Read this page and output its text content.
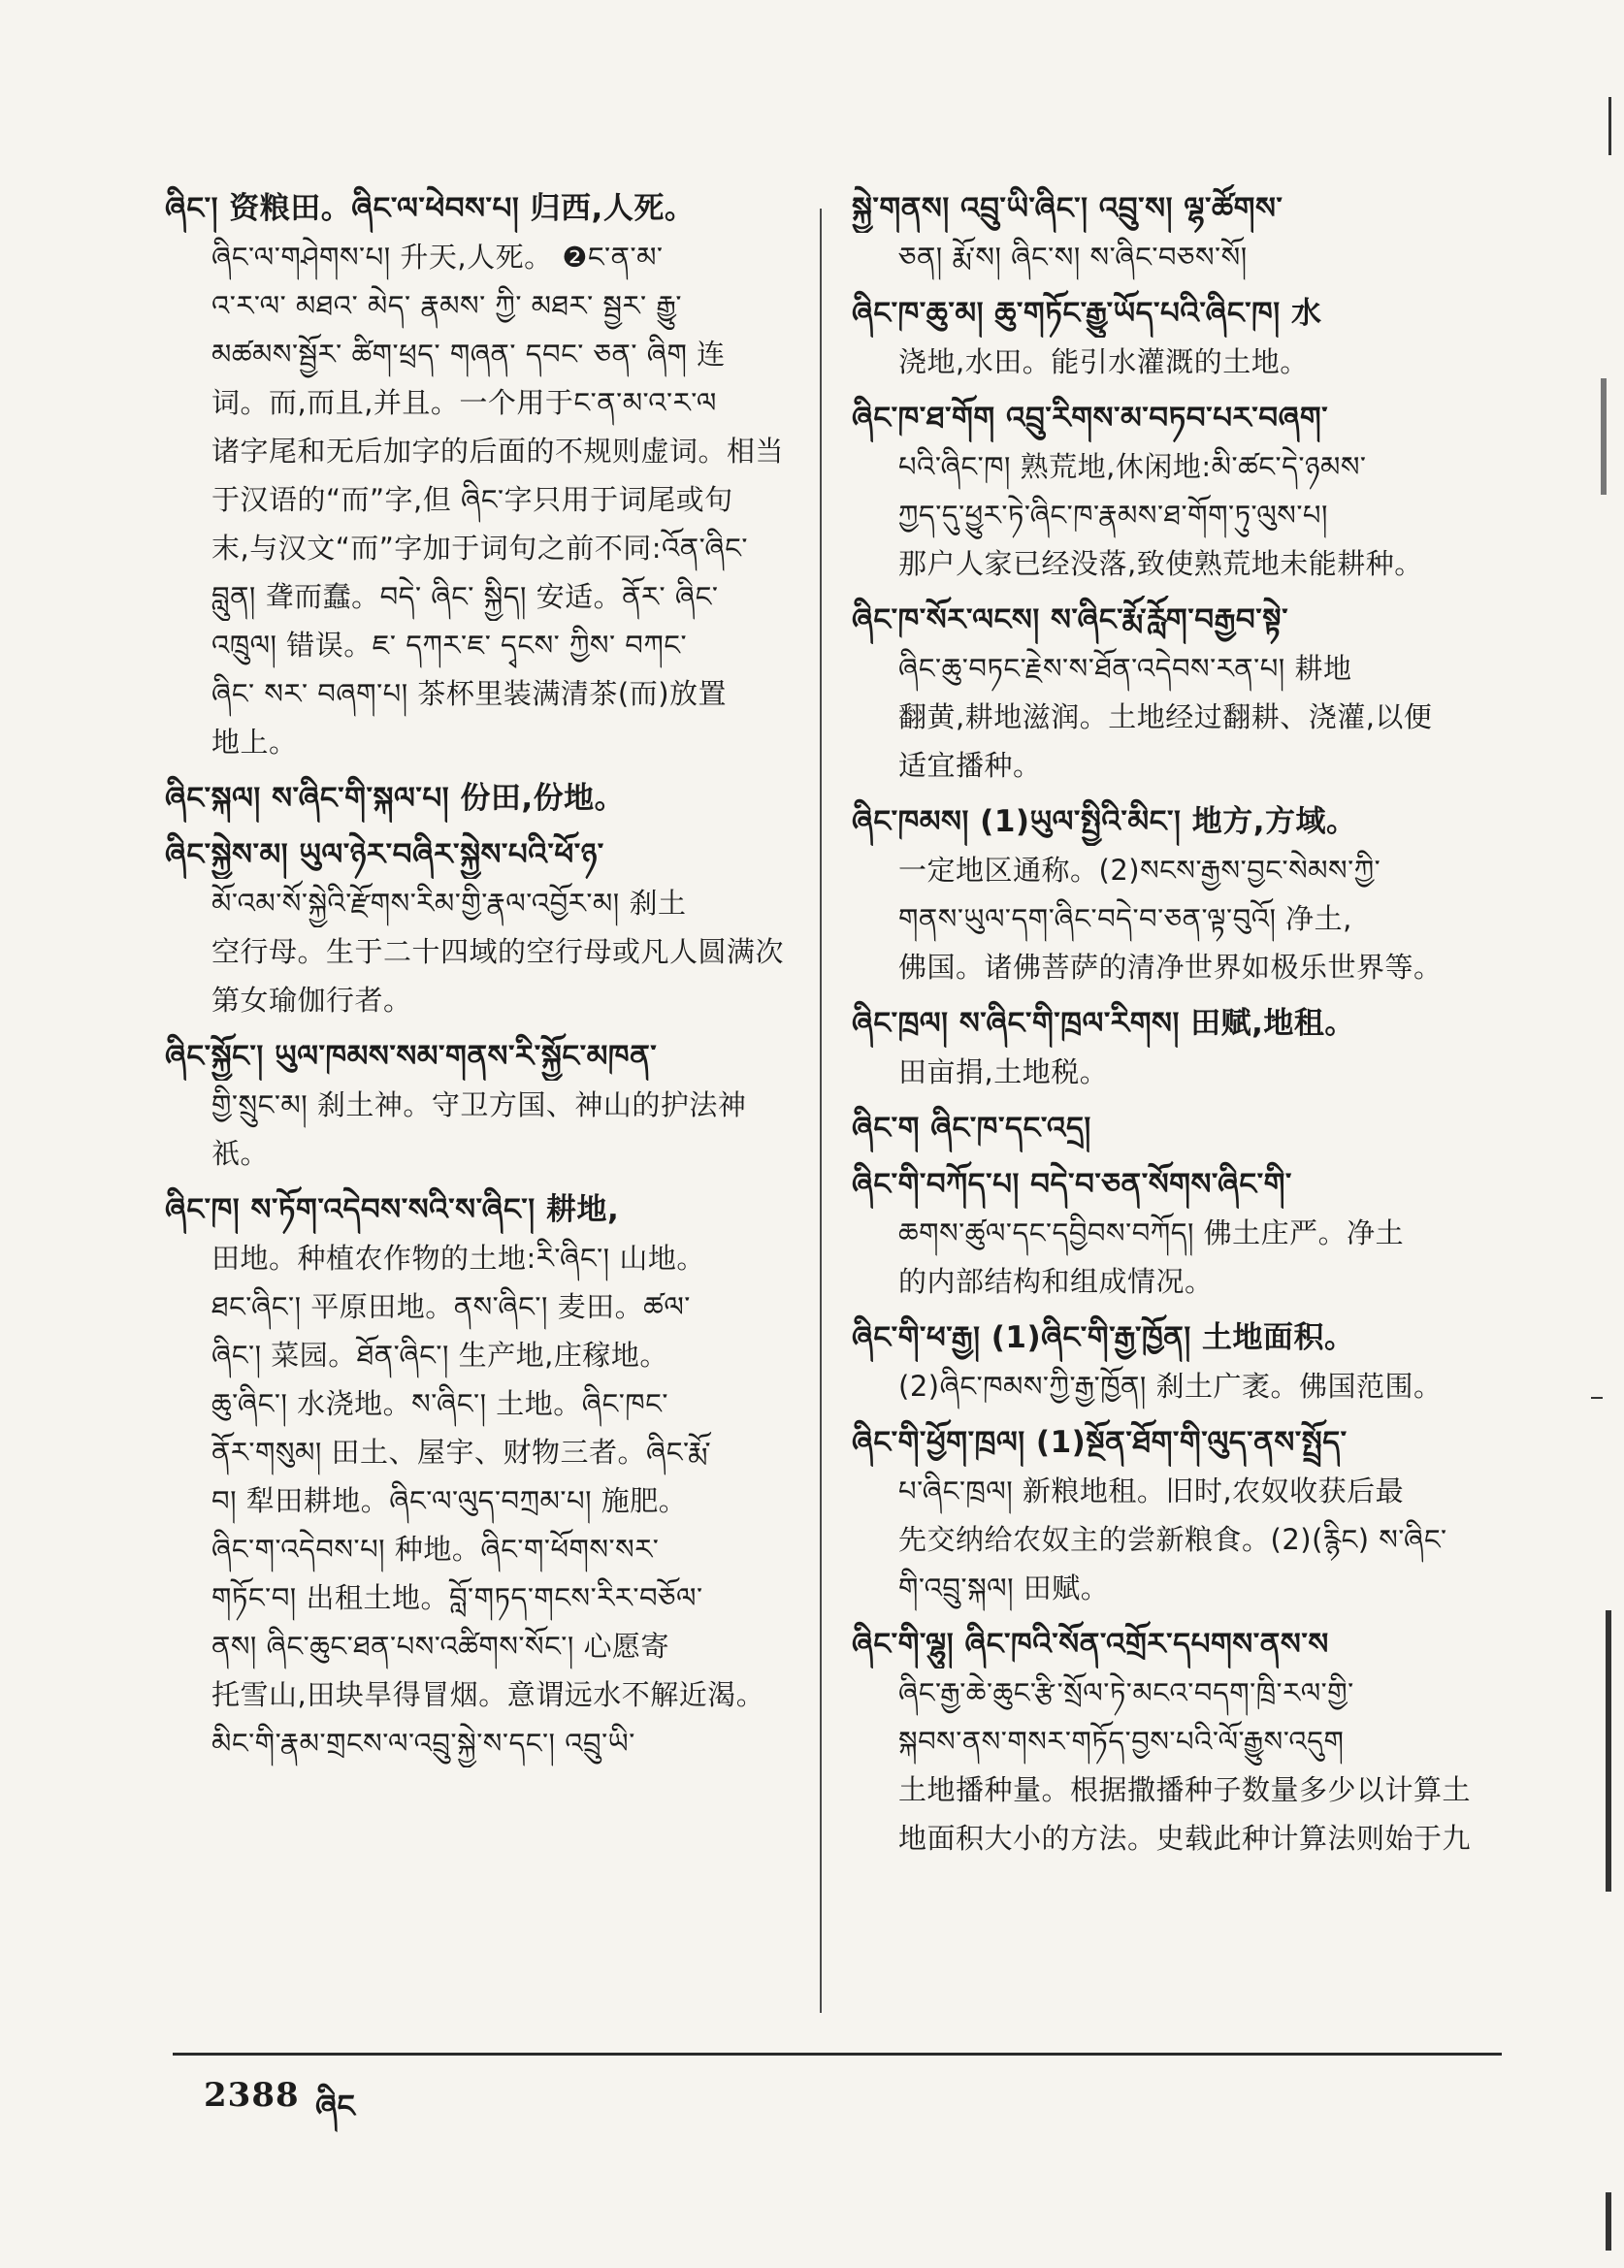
ཞིང་། 资粮田。ཞིང་ལ་ཕེབས་པ། 归西,人死。
ཞིང་ལ་གཤེགས་པ། 升天,人死。 ❷ང་ན་མ་
འ་ར་ལ་ མཐའ་ མེད་ རྣམས་ ཀྱི་ མཐར་ སྦྱར་ རྒྱུ་
མཚམས་སྦྱོར་ ཚིག་ཕྲད་ གཞན་ དབང་ ཅན་ ཞིག 连
词。而,而且,并且。一个用于ང་ན་མ་འ་ར་ལ
诸字尾和无后加字的后面的不规则虚词。相当
于汉语的“而”字,但 ཞིང་字只用于词尾或句
末,与汉文“而”字加于词句之前不同:འོན་ཞིང་
བླུན། 聋而蠢。བདེ་ ཞིང་ སྐྱིད། 安适。ནོར་ ཞིང་
འཁྲུལ། 错误。ཇ་ དཀར་ཇ་ དྭངས་ ཀྱིས་ བཀང་
ཞིང་ སར་ བཞག་པ། 茶杯里装满清茶(而)放置
地上。
ཞིང་སྐལ། ས་ཞིང་གི་སྐལ་པ། 份田,份地。
ཞིང་སྐྱེས་མ། ཡུལ་ཉེར་བཞིར་སྐྱེས་པའི་ཕོ་ཉ་
མོ་འམ་སོ་སྐྱེའི་རྫོགས་རིམ་གྱི་རྣལ་འབྱོར་མ། 刹土
空行母。生于二十四域的空行母或凡人圆满次
第女瑜伽行者。
ཞིང་སྐྱོང་། ཡུལ་ཁམས་སམ་གནས་རི་སྐྱོང་མཁན་
གྱི་སྲུང་མ། 刹土神。守卫方国、神山的护法神
祇。
ཞིང་ཁ། ས་ཏོག་འདེབས་སའི་ས་ཞིང་། 耕地,
田地。种植农作物的土地:རི་ཞིང་། 山地。
ཐང་ཞིང་། 平原田地。ནས་ཞིང་། 麦田。ཚལ་
ཞིང་། 菜园。ཐོན་ཞིང་། 生产地,庄稼地。
ཆུ་ཞིང་། 水浇地。ས་ཞིང་། 土地。ཞིང་ཁང་
ནོར་གསུམ། 田土、屋宇、财物三者。ཞིང་རྨོ་
བ། 犁田耕地。ཞིང་ལ་ལུད་བཀྲམ་པ། 施肥。
ཞིང་ག་འདེབས་པ། 种地。ཞིང་ག་ཕོགས་སར་
གཏོང་བ། 出租土地。བློ་གཏད་གངས་རིར་བཅོལ་
ནས། ཞིང་ཆུང་ཐན་པས་འཚིགས་སོང་། 心愿寄
托雪山,田块旱得冒烟。意谓远水不解近渴。
མིང་གི་རྣམ་གྲངས་ལ་འབྲུ་སྐྱེ་ས་དང་། འབྲུ་ཡི་
སྐྱེ་གནས། འབྲུ་ཡི་ཞིང་། འབྲུ་ས། ལྷ་ཚོགས་
ཅན། རྨོ་ས། ཞིང་ས། ས་ཞིང་བཅས་སོ།
ཞིང་ཁ་ཆུ་མ། ཆུ་གཏོང་རྒྱུ་ཡོད་པའི་ཞིང་ཁ། 水
浇地,水田。能引水灌溉的土地。
ཞིང་ཁ་ཐ་གོག འབྲུ་རིགས་མ་བཏབ་པར་བཞག་
པའི་ཞིང་ཁ། 熟荒地,休闲地:མི་ཚང་དེ་ཉམས་
ཀྱད་དུ་ཕྱུར་ཏེ་ཞིང་ཁ་རྣམས་ཐ་གོག་ཏུ་ལུས་པ།
那户人家已经没落,致使熟荒地未能耕种。
ཞིང་ཁ་སོར་ལངས། ས་ཞིང་རྨོ་རློག་བརྒྱབ་སྟེ་
ཞིང་ཆུ་བཏང་རྗེས་ས་ཐོན་འདེབས་རན་པ། 耕地
翻黄,耕地滋润。土地经过翻耕、浇灌,以便
适宜播种。
ཞིང་ཁམས། (1)ཡུལ་སྤྱིའི་མིང་། 地方,方域。
一定地区通称。(2)སངས་རྒྱས་བྱང་སེམས་ཀྱི་
གནས་ཡུལ་དག་ཞིང་བདེ་བ་ཅན་ལྟ་བུའོ། 净土,
佛国。诸佛菩萨的清净世界如极乐世界等。
ཞིང་ཁྲལ། ས་ཞིང་གི་ཁྲལ་རིགས། 田赋,地租。
田亩捐,土地税。
ཞིང་ག ཞིང་ཁ་དང་འདྲ།
ཞིང་གི་བཀོད་པ། བདེ་བ་ཅན་སོགས་ཞིང་གི་
ཆགས་ཚུལ་དང་དབྱིབས་བཀོད། 佛土庄严。净土
的内部结构和组成情况。
ཞིང་གི་ཕ་རྒྱ། (1)ཞིང་གི་རྒྱ་ཁྱོན། 土地面积。
(2)ཞིང་ཁམས་ཀྱི་རྒྱ་ཁྱོན། 刹土广袤。佛国范围。
ཞིང་གི་ཕྱོག་ཁྲལ། (1)སྔོན་ཐོག་གི་ལུད་ནས་སྤྲོད་
པ་ཞིང་ཁྲལ། 新粮地租。旧时,农奴收获后最
先交纳给农奴主的尝新粮食。(2)(རྙིང) ས་ཞིང་
གི་འབྲུ་སྐལ། 田赋。
ཞིང་གི་ལྷུ། ཞིང་ཁའི་སོན་འགྲོར་དཔགས་ནས་ས
ཞིང་རྒྱ་ཆེ་ཆུང་རྩི་སྲོལ་ཏེ་མངའ་བདག་ཁྲི་རལ་གྱི་
སྐབས་ནས་གསར་གཏོད་བྱས་པའི་ལོ་རྒྱུས་འདུག
土地播种量。根据撒播种子数量多少以计算土
地面积大小的方法。史载此种计算法则始于九
2388 ཞིང
